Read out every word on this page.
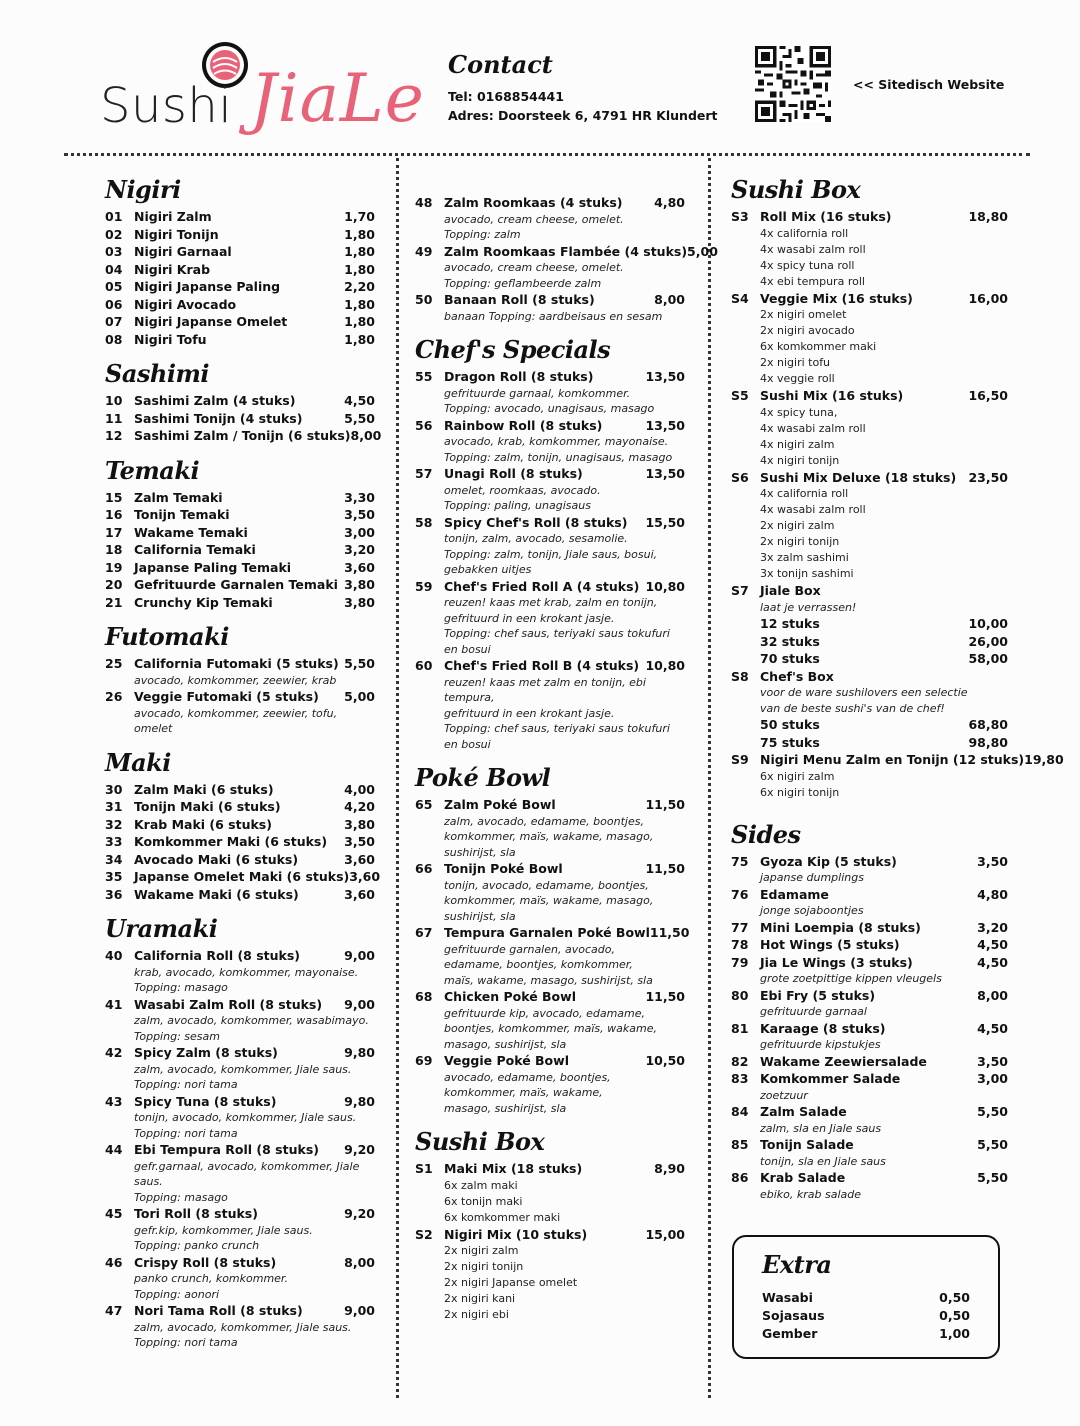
Sushi JiaLe Contact
Tel: 0168854441
Adres: Doorsteek 6, 4791 HR Klundert
<< Sitedisch Website
Nigiri
01 Nigiri Zalm	1,70
02 Nigiri Tonijn	1,80
03 Nigiri Garnaal	1,80
04 Nigiri Krab	1,80
05 Nigiri Japanse Paling	2,20
06 Nigiri Avocado	1,80
07 Nigiri Japanse Omelet	1,80
08 Nigiri Tofu	1,80
Sashimi
10 Sashimi Zalm (4 stuks)	4,50
11 Sashimi Tonijn (4 stuks)	5,50
12 Sashimi Zalm / Tonijn (6 stuks) 8,00
Temaki
15 Zalm Temaki	3,30
16 Tonijn Temaki	3,50
17 Wakame Temaki	3,00
18 California Temaki	3,20
19 Japanse Paling Temaki	3,60
20 Gefrituurde Garnalen Temaki 3,80
21 Crunchy Kip Temaki	3,80
Futomaki
25 California Futomaki (5 stuks) 5,50
avocado, komkommer, zeewier, krab
26 Veggie Futomaki (5 stuks)	5,00
avocado, komkommer, zeewier, tofu, omelet
Maki
30 Zalm Maki (6 stuks)	4,00
31 Tonijn Maki (6 stuks)	4,20
32 Krab Maki (6 stuks)	3,80
33 Komkommer Maki (6 stuks)	3,50
34 Avocado Maki (6 stuks)	3,60
35 Japanse Omelet Maki (6 stuks) 3,60
36 Wakame Maki (6 stuks)	3,60
Uramaki
40 California Roll (8 stuks)	9,00
krab, avocado, komkommer, mayonaise.
Topping: masago
41 Wasabi Zalm Roll (8 stuks)	9,00
zalm, avocado, komkommer, wasabimayo.
Topping: sesam
42 Spicy Zalm (8 stuks)	9,80
zalm, avocado, komkommer, Jiale saus.
Topping: nori tama
43 Spicy Tuna (8 stuks)	9,80
tonijn, avocado, komkommer, Jiale saus.
Topping: nori tama
44 Ebi Tempura Roll (8 stuks)	9,20
gefr.garnaal, avocado, komkommer, Jiale saus.
Topping: masago
45 Tori Roll (8 stuks)	9,20
gefr.kip, komkommer, Jiale saus.
Topping: panko crunch
46 Crispy Roll (8 stuks)	8,00
panko crunch, komkommer.
Topping: aonori
47 Nori Tama Roll (8 stuks)	9,00
zalm, avocado, komkommer, Jiale saus.
Topping: nori tama
48 Zalm Roomkaas (4 stuks)	4,80
avocado, cream cheese, omelet.
Topping: zalm
49 Zalm Roomkaas Flambée (4 stuks) 5,00
avocado, cream cheese, omelet.
Topping: geflambeerde zalm
50 Banaan Roll (8 stuks)	8,00
banaan Topping: aardbeisaus en sesam
Chef's Specials
55 Dragon Roll (8 stuks)	13,50
gefrituurde garnaal, komkommer.
Topping: avocado, unagisaus, masago
56 Rainbow Roll (8 stuks)	13,50
avocado, krab, komkommer, mayonaise.
Topping: zalm, tonijn, unagisaus, masago
57 Unagi Roll (8 stuks)	13,50
omelet, roomkaas, avocado.
Topping: paling, unagisaus
58 Spicy Chef's Roll (8 stuks)	15,50
tonijn, zalm, avocado, sesamolie.
Topping: zalm, tonijn, Jiale saus, bosui,
gebakken uitjes
59 Chef's Fried Roll A (4 stuks) 10,80
reuzen! kaas met krab, zalm en tonijn,
gefrituurd in een krokant jasje.
Topping: chef saus, teriyaki saus tokufuri
en bosui
60 Chef's Fried Roll B (4 stuks) 10,80
reuzen! kaas met zalm en tonijn, ebi tempura,
gefrituurd in een krokant jasje.
Topping: chef saus, teriyaki saus tokufuri
en bosui
Poké Bowl
65 Zalm Poké Bowl	11,50
zalm, avocado, edamame, boontjes,
komkommer, maïs, wakame, masago,
sushirijst, sla
66 Tonijn Poké Bowl	11,50
tonijn, avocado, edamame, boontjes,
komkommer, maïs, wakame, masago,
sushirijst, sla
67 Tempura Garnalen Poké Bowl 11,50
gefrituurde garnalen, avocado,
edamame, boontjes, komkommer,
maïs, wakame, masago, sushirijst, sla
68 Chicken Poké Bowl	11,50
gefrituurde kip, avocado, edamame,
boontjes, komkommer, maïs, wakame,
masago, sushirijst, sla
69 Veggie Poké Bowl	10,50
avocado, edamame, boontjes,
komkommer, maïs, wakame,
masago, sushirijst, sla
Sushi Box
S1 Maki Mix (18 stuks)	8,90
6x zalm maki
6x tonijn maki
6x komkommer maki
S2 Nigiri Mix (10 stuks)	15,00
2x nigiri zalm
2x nigiri tonijn
2x nigiri Japanse omelet
2x nigiri kani
2x nigiri ebi
Sushi Box
S3 Roll Mix (16 stuks)	18,80
4x california roll
4x wasabi zalm roll
4x spicy tuna roll
4x ebi tempura roll
S4 Veggie Mix (16 stuks)	16,00
2x nigiri omelet
2x nigiri avocado
6x komkommer maki
2x nigiri tofu
4x veggie roll
S5 Sushi Mix (16 stuks)	16,50
4x spicy tuna,
4x wasabi zalm roll
4x nigiri zalm
4x nigiri tonijn
S6 Sushi Mix Deluxe (18 stuks) 23,50
4x california roll
4x wasabi zalm roll
2x nigiri zalm
2x nigiri tonijn
3x zalm sashimi
3x tonijn sashimi
S7 Jiale Box
laat je verrassen!
12 stuks	10,00
32 stuks	26,00
70 stuks	58,00
S8 Chef's Box
voor de ware sushilovers een selectie
van de beste sushi's van de chef!
50 stuks	68,80
75 stuks	98,80
S9 Nigiri Menu Zalm en Tonijn (12 stuks) 19,80
6x nigiri zalm
6x nigiri tonijn
Sides
75 Gyoza Kip (5 stuks)	3,50
japanse dumplings
76 Edamame	4,80
jonge sojaboontjes
77 Mini Loempia (8 stuks)	3,20
78 Hot Wings (5 stuks)	4,50
79 Jia Le Wings (3 stuks)	4,50
grote zoetpittige kippen vleugels
80 Ebi Fry (5 stuks)	8,00
gefrituurde garnaal
81 Karaage (8 stuks)	4,50
gefrituurde kipstukjes
82 Wakame Zeewiersalade	3,50
83 Komkommer Salade	3,00
zoetzuur
84 Zalm Salade	5,50
zalm, sla en Jiale saus
85 Tonijn Salade	5,50
tonijn, sla en Jiale saus
86 Krab Salade	5,50
ebiko, krab salade
Extra
Wasabi	0,50
Sojasaus	0,50
Gember	1,00
